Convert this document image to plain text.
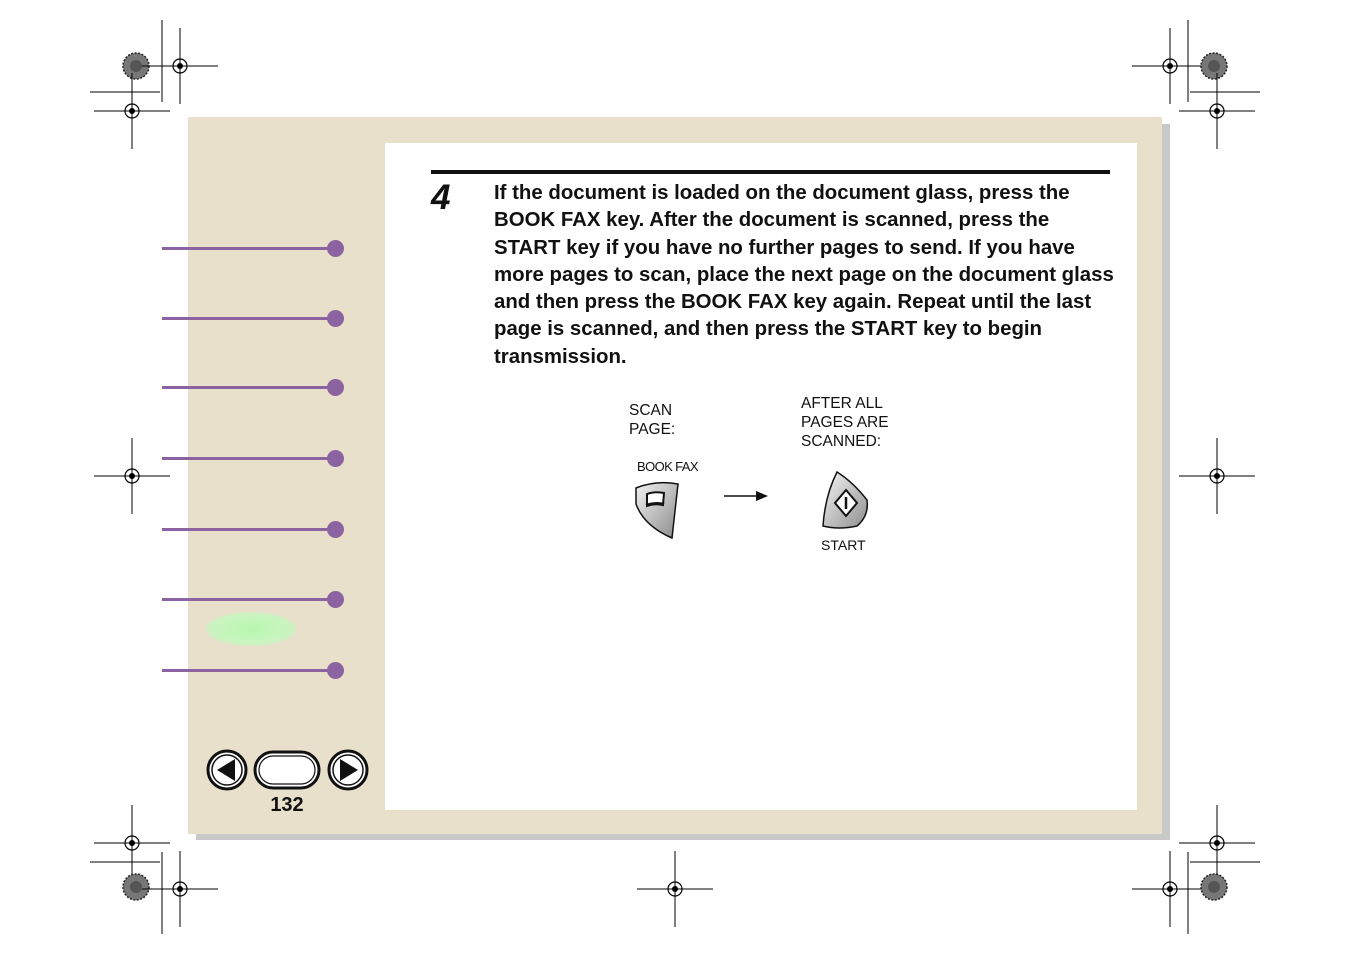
132
4 If the document is loaded on the document glass, press the BOOK FAX key. After the document is scanned, press the START key if you have no further pages to send. If you have more pages to scan, place the next page on the document glass and then press the BOOK FAX key again. Repeat until the last page is scanned, and then press the START key to begin transmission.
SCAN
PAGE:
AFTER ALL
PAGES ARE
SCANNED:
BOOK FAX
START
